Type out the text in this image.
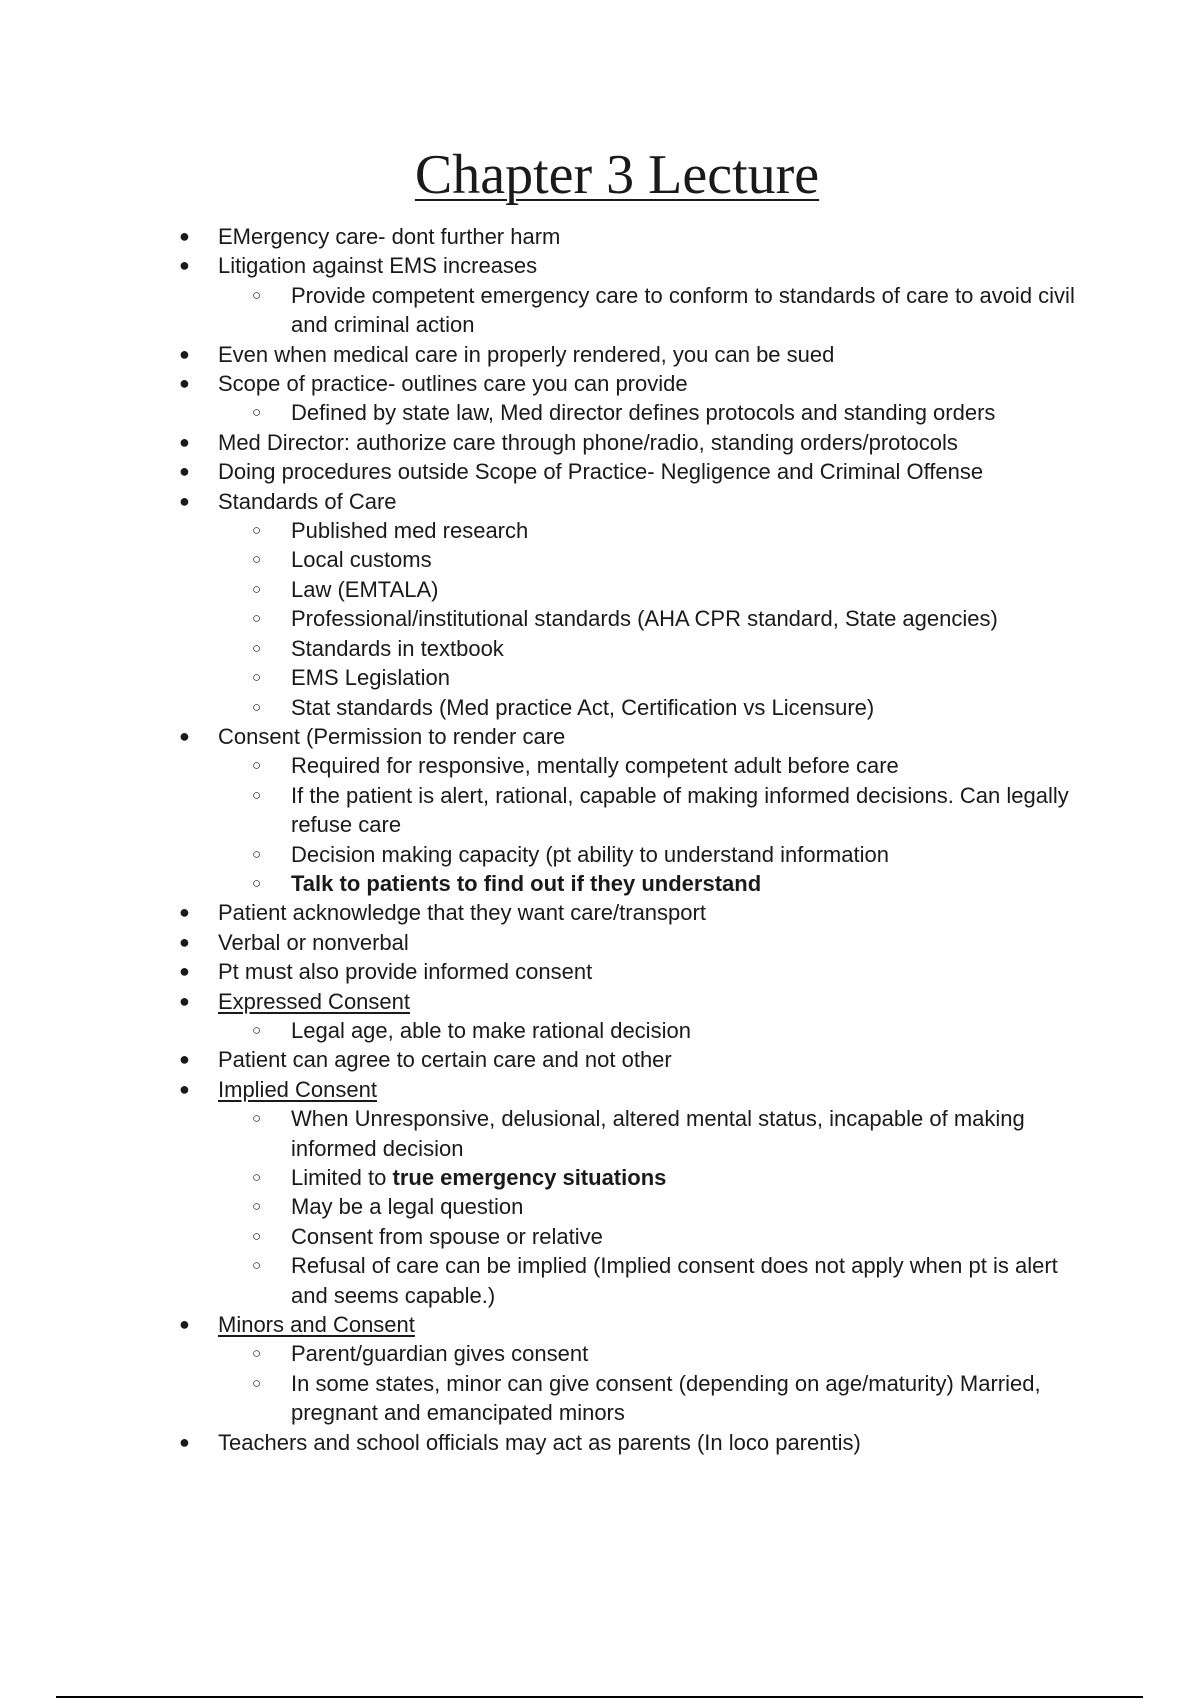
Chapter 3 Lecture
● EMergency care- dont further harm
● Litigation against EMS increases
○ Provide competent emergency care to conform to standards of care to avoid civil and criminal action
● Even when medical care in properly rendered, you can be sued
● Scope of practice- outlines care you can provide
○ Defined by state law, Med director defines protocols and standing orders
● Med Director: authorize care through phone/radio, standing orders/protocols
● Doing procedures outside Scope of Practice- Negligence and Criminal Offense
● Standards of Care
○ Published med research
○ Local customs
○ Law (EMTALA)
○ Professional/institutional standards (AHA CPR standard, State agencies)
○ Standards in textbook
○ EMS Legislation
○ Stat standards (Med practice Act, Certification vs Licensure)
● Consent (Permission to render care
○ Required for responsive, mentally competent adult before care
○ If the patient is alert, rational, capable of making informed decisions. Can legally refuse care
○ Decision making capacity (pt ability to understand information
○ Talk to patients to find out if they understand
● Patient acknowledge that they want care/transport
● Verbal or nonverbal
● Pt must also provide informed consent
● Expressed Consent
○ Legal age, able to make rational decision
● Patient can agree to certain care and not other
● Implied Consent
○ When Unresponsive, delusional, altered mental status, incapable of making informed decision
○ Limited to true emergency situations
○ May be a legal question
○ Consent from spouse or relative
○ Refusal of care can be implied (Implied consent does not apply when pt is alert and seems capable.)
● Minors and Consent
○ Parent/guardian gives consent
○ In some states, minor can give consent (depending on age/maturity) Married, pregnant and emancipated minors
● Teachers and school officials may act as parents (In loco parentis)
